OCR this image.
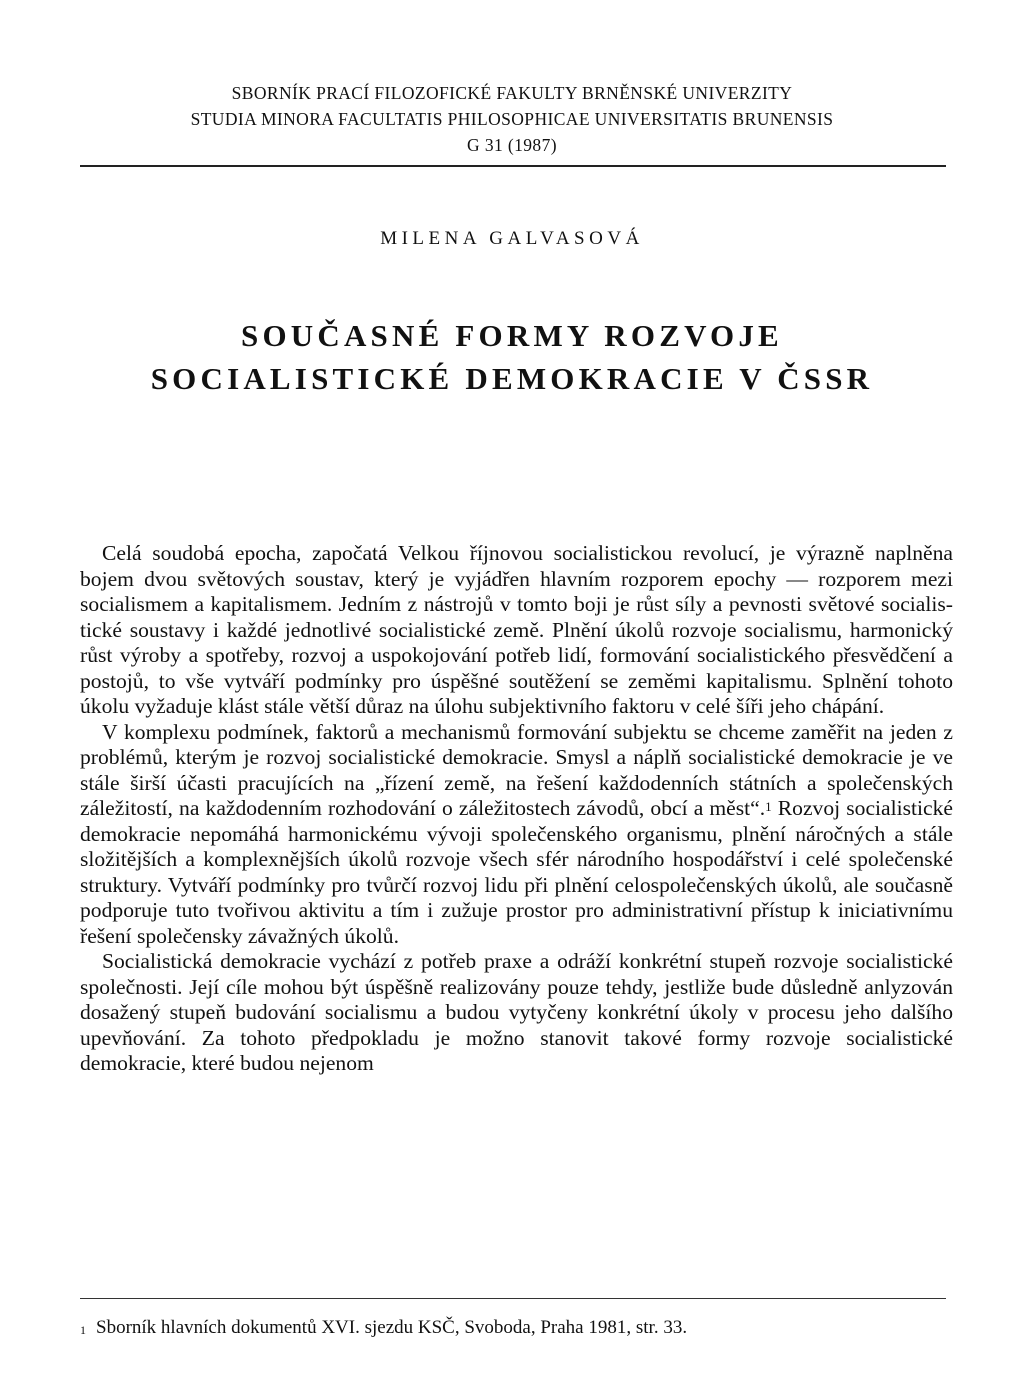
SBORNÍK PRACÍ FILOZOFICKÉ FAKULTY BRNĚNSKÉ UNIVERZITY
STUDIA MINORA FACULTATIS PHILOSOPHICAE UNIVERSITATIS BRUNENSIS
G 31 (1987)
MILENA GALVASOVÁ
SOUČASNÉ FORMY ROZVOJE
SOCIALISTICKÉ DEMOKRACIE V ČSSR

Celá soudobá epocha, započatá Velkou říjnovou socialistickou revolucí, je výrazně naplněna bojem dvou světových soustav, který je vyjádřen hlavním rozporem epochy — rozporem mezi socialismem a kapitalismem. Jedním z nástrojů v tomto boji je růst síly a pevnosti světové socialistické soustavy i každé jednotlivé socialistické země. Plnění úkolů rozvoje socialismu, harmonický růst výroby a spotřeby, rozvoj a uspokojování potřeb lidí, formování socialistického přesvědčení a postojů, to vše vytváří podmínky pro úspěšné soutěžení se zeměmi kapitalismu. Splnění tohoto úkolu vyžaduje klást stále větší důraz na úlohu subjektivního faktoru v celé šíři jeho chápání.

V komplexu podmínek, faktorů a mechanismů formování subjektu se chceme zaměřit na jeden z problémů, kterým je rozvoj socialistické demokracie. Smysl a náplň socialistické demokracie je ve stále širší účasti pracujících na „řízení země, na řešení každodenních státních a společenských záležitostí, na každodenním rozhodování o záležitostech závodů, obcí a měst“.$^1$ Rozvoj socialistické demokracie nepomáhá harmonickému vývoji společenského organismu, plnění náročných a stále složitějších a komplexnějších úkolů rozvoje všech sfér národního hospodářství i celé společenské struktury. Vytváří podmínky pro tvůrčí rozvoj lidu při plnění celospolečenských úkolů, ale současně podporuje tuto tvořivou aktivitu a tím i zužuje prostor pro administrativní přístup k iniciativnímu řešení společensky závažných úkolů.

Socialistická demokracie vychází z potřeb praxe a odráží konkrétní stupeň rozvoje socialistické společnosti. Její cíle mohou být úspěšně realizovány pouze tehdy, jestliže bude důsledně anlyzován dosažený stupeň budování socialismu a budou vytyčeny konkrétní úkoly v procesu jeho dalšího upevňování. Za tohoto předpokladu je možno stanovit takové formy rozvoje socialistické demokracie, které budou nejenom

$^1$ Sborník hlavních dokumentů XVI. sjezdu KSČ, Svoboda, Praha 1981, str. 33.
